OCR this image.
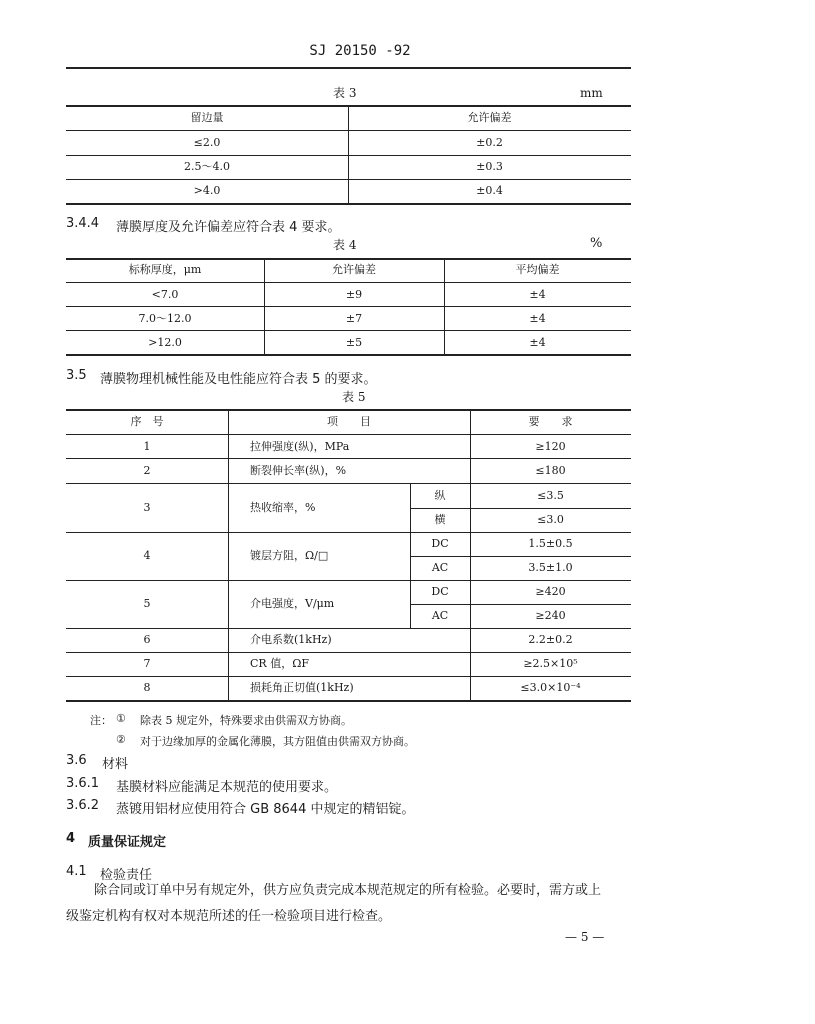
SJ 20150 -92
表 3	mm
留边量	允许偏差
≤2.0	±0.2
2.5～4.0	±0.3
>4.0	±0.4
3.4.4 薄膜厚度及允许偏差应符合表 4 要求。
表 4	%
标称厚度，μm	允许偏差	平均偏差
<7.0	±9	±4
7.0～12.0	±7	±4
>12.0	±5	±4
3.5 薄膜物理机械性能及电性能应符合表 5 的要求。
表 5
序　号	项　　目	要　　求
1	拉伸强度(纵)，MPa	≥120
2	断裂伸长率(纵)，%	≤180
3	热收缩率，%
纵	≤3.5
横	≤3.0
4	镀层方阻，Ω/□
DC	1.5±0.5
AC	3.5±1.0
5	介电强度，V/μm
DC	≥420
AC	≥240
6	介电系数(1kHz)	2.2±0.2
7	CR 值，ΩF	≥2.5×10⁵
8	损耗角正切值(1kHz)	≤3.0×10⁻⁴
注： ① 除表 5 规定外，特殊要求由供需双方协商。
② 对于边缘加厚的金属化薄膜，其方阻值由供需双方协商。
3.6 材料
3.6.1 基膜材料应能满足本规范的使用要求。
3.6.2 蒸镀用铝材应使用符合 GB 8644 中规定的精铝锭。
4 质量保证规定
4.1 检验责任
除合同或订单中另有规定外，供方应负责完成本规范规定的所有检验。必要时，需方或上
级鉴定机构有权对本规范所述的任一检验项目进行检查。
— 5 —
